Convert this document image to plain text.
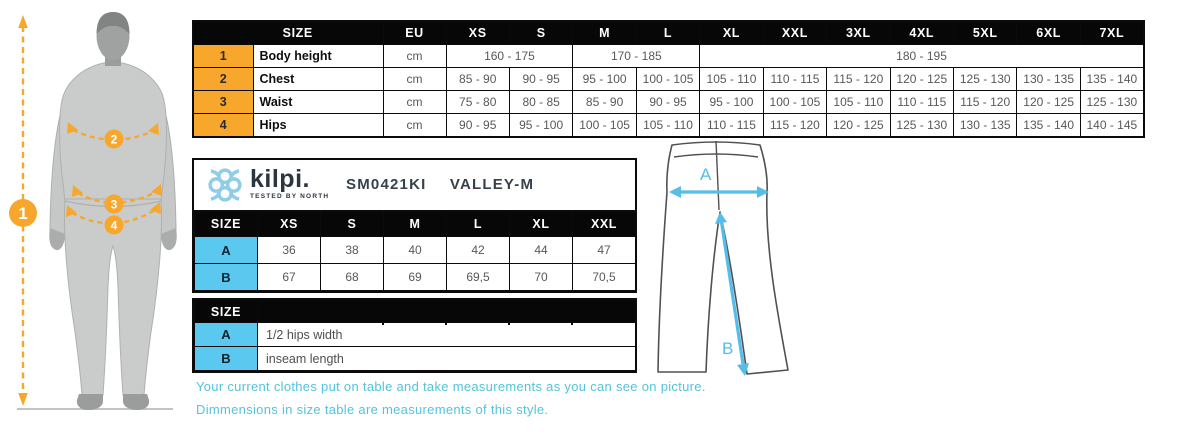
1
2
3
4
SIZE		EU	XS	S	M	L	XL	XXL	3XL	4XL	5XL	6XL	7XL
1	Body height	cm	160 - 175		170 - 185		180 - 195						
2	Chest	cm	85 - 90	90 - 95	95 - 100	100 - 105	105 - 110	110 - 115	115 - 120	120 - 125	125 - 130	130 - 135	135 - 140
3	Waist	cm	75 - 80	80 - 85	85 - 90	90 - 95	95 - 100	100 - 105	105 - 110	110 - 115	115 - 120	120 - 125	125 - 130
4	Hips	cm	90 - 95	95 - 100	100 - 105	105 - 110	110 - 115	115 - 120	120 - 125	125 - 130	130 - 135	135 - 140	140 - 145
kilpi.
TESTED BY NORTH
SM0421KI VALLEY-M
SIZE	XS	S	M	L	XL	XXL
A	36	38	40	42	44	47
B	67	68	69	69,5	70	70,5
SIZE	
A	1/2 hips width
B	inseam length
A
B
Your current clothes put on table and take measurements as you can see on picture.
Dimmensions in size table are measurements of this style.
